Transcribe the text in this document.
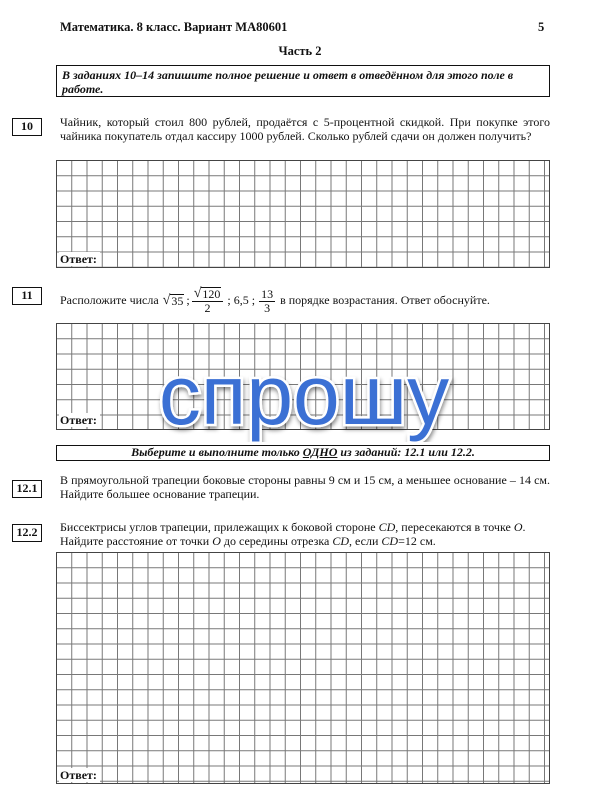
Математика. 8 класс. Вариант МА80601	5
Часть 2
В заданиях 10–14 запишите полное решение и ответ в отведённом для этого поле в работе.
10	Чайник, который стоил 800 рублей, продаётся с 5-процентной скидкой. При покупке этого чайника покупатель отдал кассиру 1000 рублей. Сколько рублей сдачи он должен получить?
Ответ:
11	Расположите числа √ 35 ; $\frac{√ 120}{2}$ ; 6,5 ; $\frac{13}{3}$ в порядке возрастания. Ответ обоснуйте.
Ответ: спрошу
Выберите и выполните только ОДНО из заданий: 12.1 или 12.2.
12.1
В прямоугольной трапеции боковые стороны равны 9 см и 15 см, а меньшее основание – 14 см. Найдите большее основание трапеции.
12.2	Биссектрисы углов трапеции, прилежащих к боковой стороне CD, пересекаются в точке O.
Найдите расстояние от точки O до середины отрезка CD, если CD=12 см.
Ответ:
